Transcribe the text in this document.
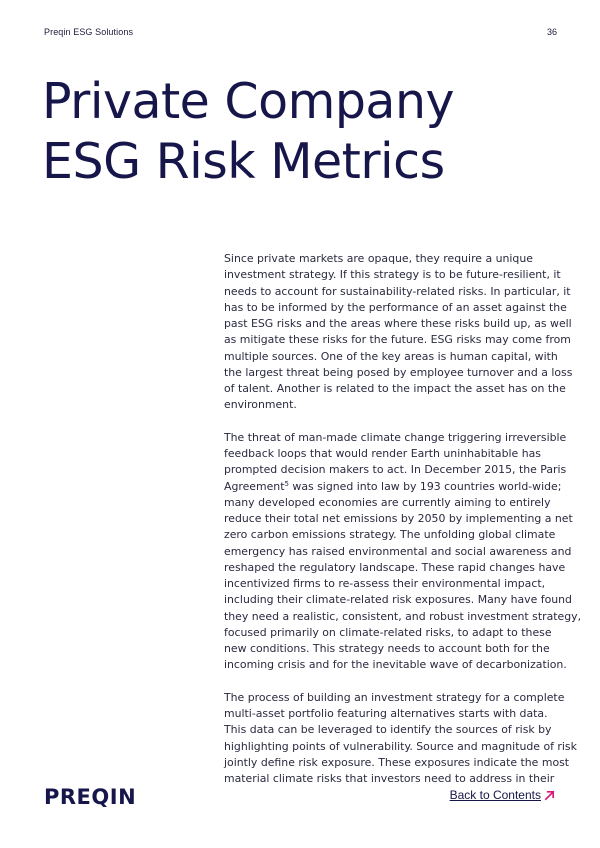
Preqin ESG Solutions	36
Private Company
ESG Risk Metrics

Since private markets are opaque, they require a unique
investment strategy. If this strategy is to be future-resilient, it
needs to account for sustainability-related risks. In particular, it
has to be informed by the performance of an asset against the
past ESG risks and the areas where these risks build up, as well
as mitigate these risks for the future. ESG risks may come from
multiple sources. One of the key areas is human capital, with
the largest threat being posed by employee turnover and a loss
of talent. Another is related to the impact the asset has on the
environment.

The threat of man-made climate change triggering irreversible
feedback loops that would render Earth uninhabitable has
prompted decision makers to act. In December 2015, the Paris
Agreement$^5$ was signed into law by 193 countries world-wide;
many developed economies are currently aiming to entirely
reduce their total net emissions by 2050 by implementing a net
zero carbon emissions strategy. The unfolding global climate
emergency has raised environmental and social awareness and
reshaped the regulatory landscape. These rapid changes have
incentivized firms to re-assess their environmental impact,
including their climate-related risk exposures. Many have found
they need a realistic, consistent, and robust investment strategy,
focused primarily on climate-related risks, to adapt to these
new conditions. This strategy needs to account both for the
incoming crisis and for the inevitable wave of decarbonization.

The process of building an investment strategy for a complete
multi-asset portfolio featuring alternatives starts with data.
This data can be leveraged to identify the sources of risk by
highlighting points of vulnerability. Source and magnitude of risk
jointly define risk exposure. These exposures indicate the most
material climate risks that investors need to address in their

PREQIN	Back to Contents
